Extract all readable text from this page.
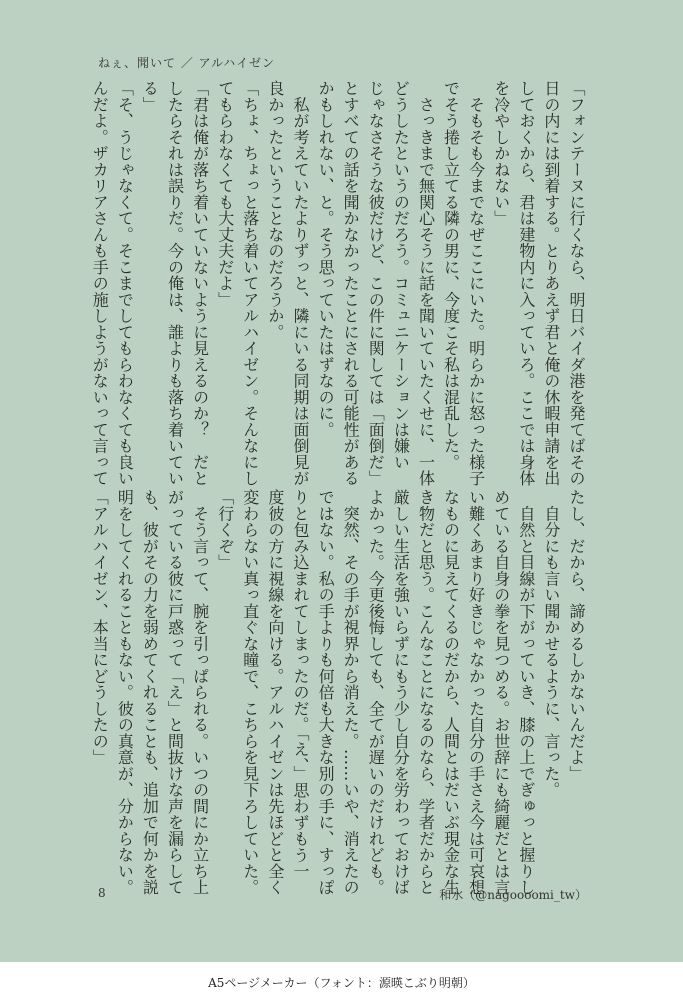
ねぇ、聞いて ／ アルハイゼン
「フォンテーヌに行くなら、明日バイダ港を発てばその
日の内には到着する。とりあえず君と俺の休暇申請を出
しておくから、君は建物内に入っていろ。ここでは身体
を冷やしかねない」
　そもそも今までなぜここにいた。明らかに怒った様子
でそう捲し立てる隣の男に、今度こそ私は混乱した。
　さっきまで無関心そうに話を聞いていたくせに、一体
どうしたというのだろう。コミュニケーションは嫌い
じゃなさそうな彼だけど、この件に関しては「面倒だ」
とすべての話を聞かなかったことにされる可能性がある
かもしれない、と。そう思っていたはずなのに。
　私が考えていたよりずっと、隣にいる同期は面倒見が
良かったということなのだろうか。
「ちょ、ちょっと落ち着いてアルハイゼン。そんなにし
てもらわなくても大丈夫だよ」
「君は俺が落ち着いていないように見えるのか？　だと
したらそれは誤りだ。今の俺は、誰よりも落ち着いてい
る」
「そ、うじゃなくて。そこまでしてもらわなくても良い
んだよ。ザカリアさんも手の施しようがないって言って
たし、だから、諦めるしかないんだよ」
　自分にも言い聞かせるように、言った。
　自然と目線が下がっていき、膝の上でぎゅっと握りし
めている自身の拳を見つめる。お世辞にも綺麗だとは言
い難くあまり好きじゃなかった自分の手さえ今は可哀想
なものに見えてくるのだから、人間とはだいぶ現金な生
き物だと思う。こんなことになるのなら、学者だからと
厳しい生活を強いらずにもう少し自分を労わっておけば
よかった。今更後悔しても、全てが遅いのだけれども。
　突然、その手が視界から消えた。……いや、消えたの
ではない。私の手よりも何倍も大きな別の手に、すっぽ
りと包み込まれてしまったのだ。「え、」思わずもう一
度彼の方に視線を向ける。アルハイゼンは先ほどと全く
変わらない真っ直ぐな瞳で、こちらを見下ろしていた。
「行くぞ」
　そう言って、腕を引っぱられる。いつの間にか立ち上
がっている彼に戸惑って「え」と間抜けな声を漏らして
も、彼がその力を弱めてくれることも、追加で何かを説
明をしてくれることもない。彼の真意が、分からない。
「アルハイゼン、本当にどうしたの」
8	和水（@nagoooomi_tw）
A5ページメーカー（フォント：源暎こぶり明朝）
